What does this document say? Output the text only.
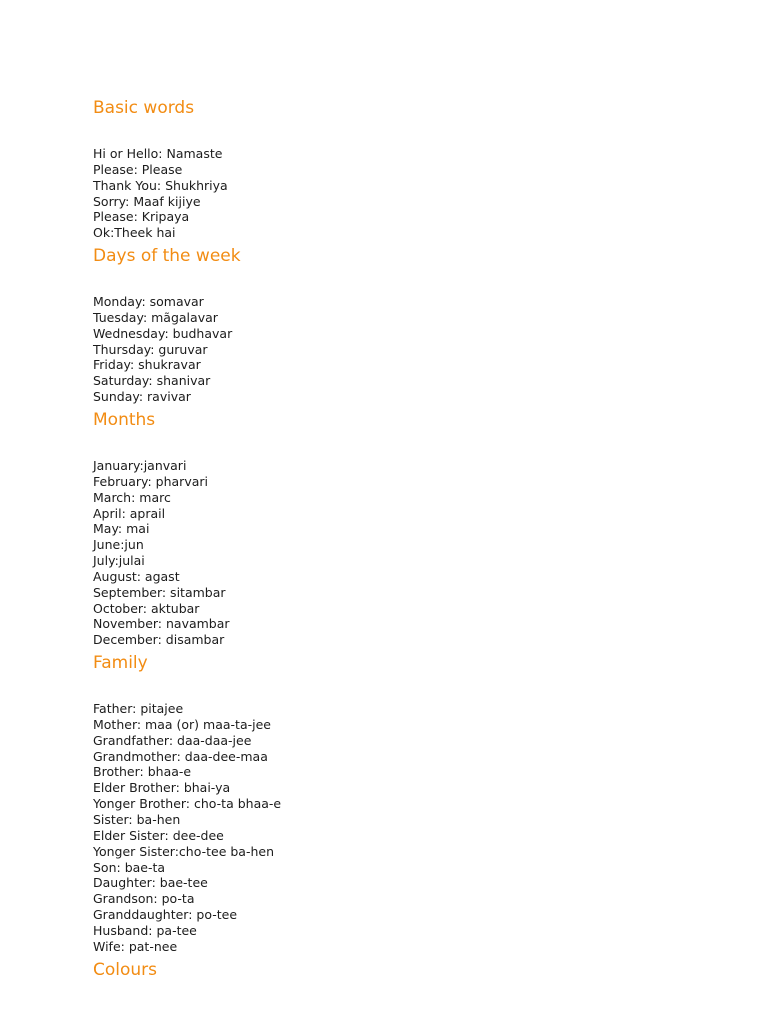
Basic words
Hi or Hello: Namaste
Please: Please
Thank You: Shukhriya
Sorry: Maaf kijiye
Please: Kripaya
Ok:Theek hai
Days of the week
Monday: somavar
Tuesday: mãgalavar
Wednesday: budhavar
Thursday: guruvar
Friday: shukravar
Saturday: shanivar
Sunday: ravivar
Months
January:janvari
February: pharvari
March: marc
April: aprail
May: mai
June:jun
July:julai
August: agast
September: sitambar
October: aktubar
November: navambar
December: disambar
Family
Father: pitajee
Mother: maa (or) maa-ta-jee
Grandfather: daa-daa-jee
Grandmother: daa-dee-maa
Brother: bhaa-e
Elder Brother: bhai-ya
Yonger Brother: cho-ta bhaa-e
Sister: ba-hen
Elder Sister: dee-dee
Yonger Sister:cho-tee ba-hen
Son: bae-ta
Daughter: bae-tee
Grandson: po-ta
Granddaughter: po-tee
Husband: pa-tee
Wife: pat-nee
Colours
